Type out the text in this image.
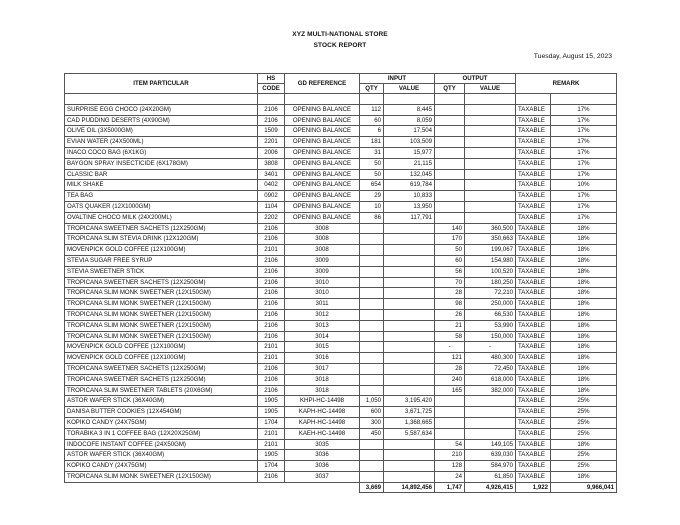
XYZ MULTI-NATIONAL STORE
STOCK REPORT
Tuesday, August 15, 2023
ITEM PARTICULAR	HS	GD REFERENCE	INPUT		OUTPUT		REMARK	
	CODE		QTY	VALUE	QTY	VALUE		

SURPRISE EGG CHOCO (24X20GM)	2106	OPENING BALANCE	112	8,445			TAXABLE	17%
CAD PUDDING DESERTS (4X90GM)	2106	OPENING BALANCE	60	8,059			TAXABLE	17%
OLIVE OIL (3X5000GM)	1509	OPENING BALANCE	6	17,504			TAXABLE	17%
EVIAN WATER (24X500ML)	2201	OPENING BALANCE	181	103,509			TAXABLE	17%
INACO COCO BAG (6X1KG)	2006	OPENING BALANCE	31	15,977			TAXABLE	17%
BAYGON SPRAY INSECTICIDE (6X178GM)	3808	OPENING BALANCE	50	21,115			TAXABLE	17%
CLASSIC BAR	3401	OPENING BALANCE	50	132,045			TAXABLE	17%
MILK SHAKE	0402	OPENING BALANCE	654	619,784			TAXABLE	10%
TEA BAG	0902	OPENING BALANCE	29	10,833			TAXABLE	17%
OATS QUAKER (12X1000GM)	1104	OPENING BALANCE	10	13,950			TAXABLE	17%
OVALTINE CHOCO MILK (24X200ML)	2202	OPENING BALANCE	86	117,791			TAXABLE	17%
TROPICANA SWEETNER SACHETS (12X250GM)	2106	3008			140	360,500	TAXABLE	18%
TROPICANA SLIM STEVIA DRINK (12X120GM)	2106	3008			170	350,663	TAXABLE	18%
MOVENPICK GOLD COFFEE (12X100GM)	2101	3008			50	199,067	TAXABLE	18%
STEVIA SUGAR FREE SYRUP	2106	3009			60	154,980	TAXABLE	18%
STEVIA SWEETNER STICK	2106	3009			56	100,520	TAXABLE	18%
TROPICANA SWEETNER SACHETS (12X250GM)	2106	3010			70	180,250	TAXABLE	18%
TROPICANA SLIM MONK SWEETNER (12X150GM)	2106	3010			28	72,210	TAXABLE	18%
TROPICANA SLIM MONK SWEETNER (12X150GM)	2106	3011			98	250,000	TAXABLE	18%
TROPICANA SLIM MONK SWEETNER (12X150GM)	2106	3012			26	66,530	TAXABLE	18%
TROPICANA SLIM MONK SWEETNER (12X150GM)	2106	3013			21	53,990	TAXABLE	18%
TROPICANA SLIM MONK SWEETNER (12X150GM)	2106	3014			58	150,000	TAXABLE	18%
MOVENPICK GOLD COFFEE (12X100GM)	2101	3015			-	-	TAXABLE	18%
MOVENPICK GOLD COFFEE (12X100GM)	2101	3016			121	480,300	TAXABLE	18%
TROPICANA SWEETNER SACHETS (12X250GM)	2106	3017			28	72,450	TAXABLE	18%
TROPICANA SWEETNER SACHETS (12X250GM)	2106	3018			240	618,000	TAXABLE	18%
TROPICANA SLIM SWEETNER TABLETS (20X6GM)	2106	3018			165	382,000	TAXABLE	18%
ASTOR WAFER STICK (36X40GM)	1905	KHPI-HC-14498	1,050	3,195,420			TAXABLE	25%
DANISA BUTTER COOKIES (12X454GM)	1905	KAPH-HC-14498	600	3,671,725			TAXABLE	25%
KOPIKO CANDY (24X75GM)	1704	KAPH-HC-14498	300	1,368,665			TAXABLE	25%
TORABIKA 3 IN 1 COFFEE BAG (12X20X25GM)	2101	KAEH-HC-14498	450	5,587,634			TAXABLE	25%
INDOCOFE INSTANT COFFEE (24X50GM)	2101	3035			54	149,105	TAXABLE	18%
ASTOR WAFER STICK (36X40GM)	1905	3036			210	639,030	TAXABLE	25%
KOPIKO CANDY (24X75GM)	1704	3036			128	584,970	TAXABLE	25%
TROPICANA SLIM MONK SWEETNER (12X150GM)	2106	3037			24	61,850	TAXABLE	18%
			3,669	14,892,456	1,747	4,926,415	1,922	9,966,041
